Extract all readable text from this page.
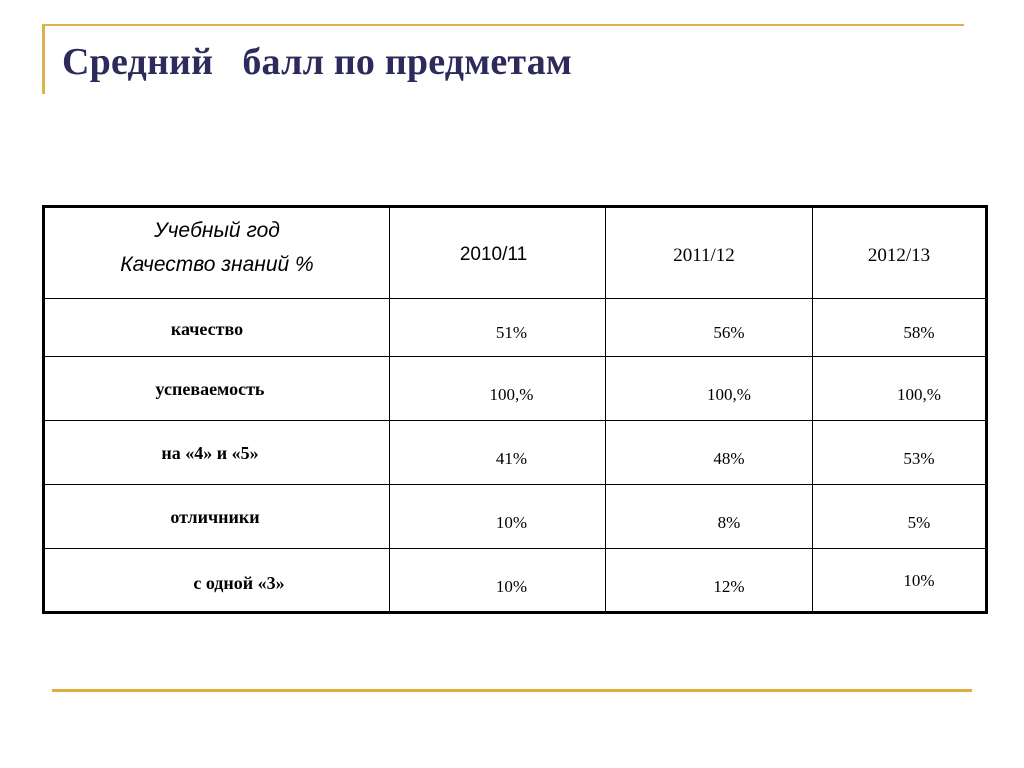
Средний   балл по предметам
Учебный год
Качество знаний %	2010/11	2011/12	2012/13

качество	51%	56%	58%

успеваемость	100,%	100,%	100,%

на «4» и «5»	41%	48%	53%

отличники	10%	8%	5%

с одной «3»	10%	12%	10%
